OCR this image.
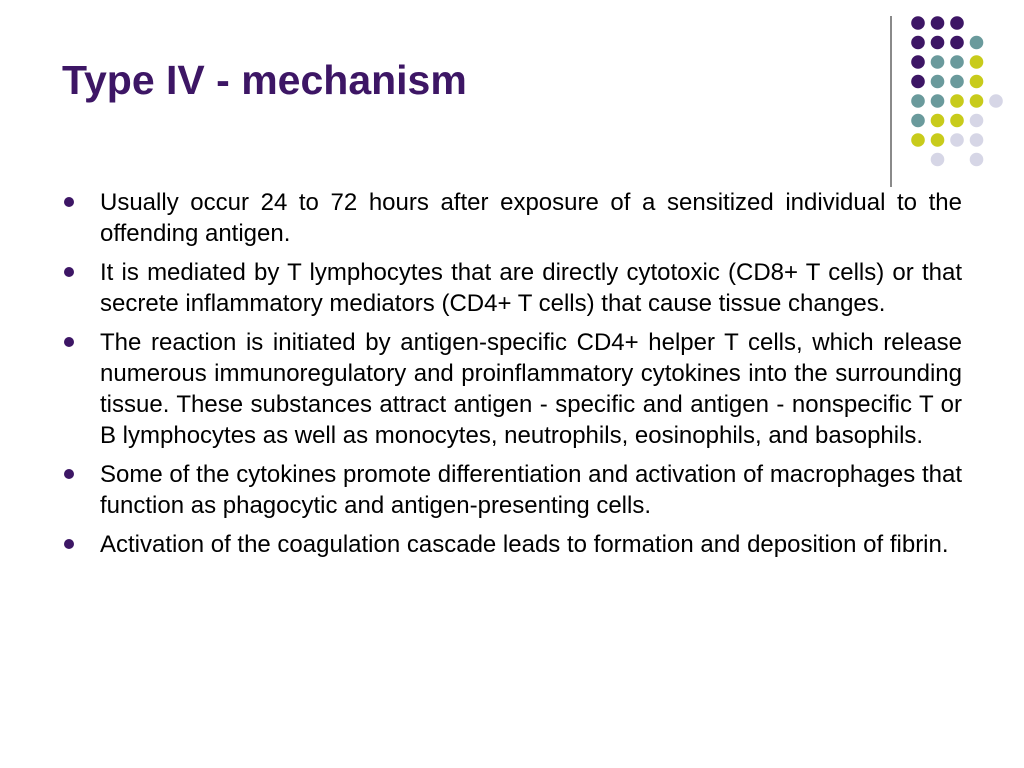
Type IV - mechanism
Usually occur 24 to 72 hours after exposure of a sensitized individual to the offending antigen.
It is mediated by T lymphocytes that are directly cytotoxic (CD8+ T cells) or that secrete inflammatory mediators (CD4+ T cells) that cause tissue changes.
The reaction is initiated by antigen-specific CD4+ helper T cells, which release numerous immunoregulatory and proinflammatory cytokines into the surrounding tissue. These substances attract antigen - specific and antigen - nonspecific T or B lymphocytes as well as monocytes, neutrophils, eosinophils, and basophils.
Some of the cytokines promote differentiation and activation of macrophages that function as phagocytic and antigen-presenting cells.
Activation of the coagulation cascade leads to formation and deposition of fibrin.
